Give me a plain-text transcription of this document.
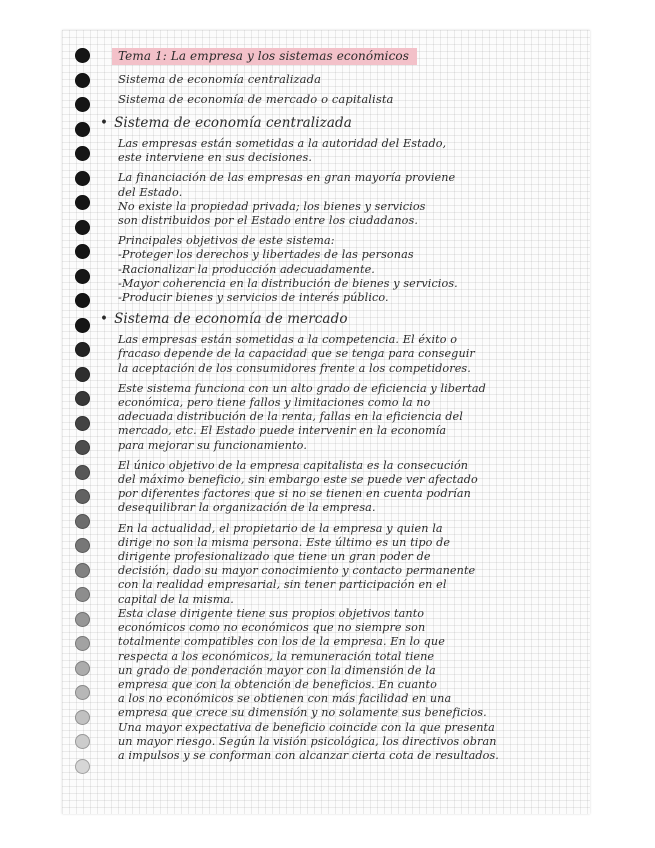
Tema 1: La empresa y los sistemas económicos
Sistema de economía centralizada
Sistema de economía de mercado o capitalista
• Sistema de economía centralizada
Las empresas están sometidas a la autoridad del Estado,
este interviene en sus decisiones.
La financiación de las empresas en gran mayoría proviene
del Estado.
No existe la propiedad privada; los bienes y servicios
son distribuidos por el Estado entre los ciudadanos.
Principales objetivos de este sistema:
-Proteger los derechos y libertades de las personas
-Racionalizar la producción adecuadamente.
-Mayor coherencia en la distribución de bienes y servicios.
-Producir bienes y servicios de interés público.
• Sistema de economía de mercado
Las empresas están sometidas a la competencia. El éxito o
fracaso depende de la capacidad que se tenga para conseguir
la aceptación de los consumidores frente a los competidores.
Este sistema funciona con un alto grado de eficiencia y libertad
económica, pero tiene fallos y limitaciones como la no
adecuada distribución de la renta, fallas en la eficiencia del
mercado, etc. El Estado puede intervenir en la economía
para mejorar su funcionamiento.
El único objetivo de la empresa capitalista es la consecución
del máximo beneficio, sin embargo este se puede ver afectado
por diferentes factores que si no se tienen en cuenta podrían
desequilibrar la organización de la empresa.
En la actualidad, el propietario de la empresa y quien la
dirige no son la misma persona. Este último es un tipo de
dirigente profesionalizado que tiene un gran poder de
decisión, dado su mayor conocimiento y contacto permanente
con la realidad empresarial, sin tener participación en el
capital de la misma.
Esta clase dirigente tiene sus propios objetivos tanto
económicos como no económicos que no siempre son
totalmente compatibles con los de la empresa. En lo que
respecta a los económicos, la remuneración total tiene
un grado de ponderación mayor con la dimensión de la
empresa que con la obtención de beneficios. En cuanto
a los no económicos se obtienen con más facilidad en una
empresa que crece su dimensión y no solamente sus beneficios.
Una mayor expectativa de beneficio coincide con la que presenta
un mayor riesgo. Según la visión psicológica, los directivos obran
a impulsos y se conforman con alcanzar cierta cota de resultados.
